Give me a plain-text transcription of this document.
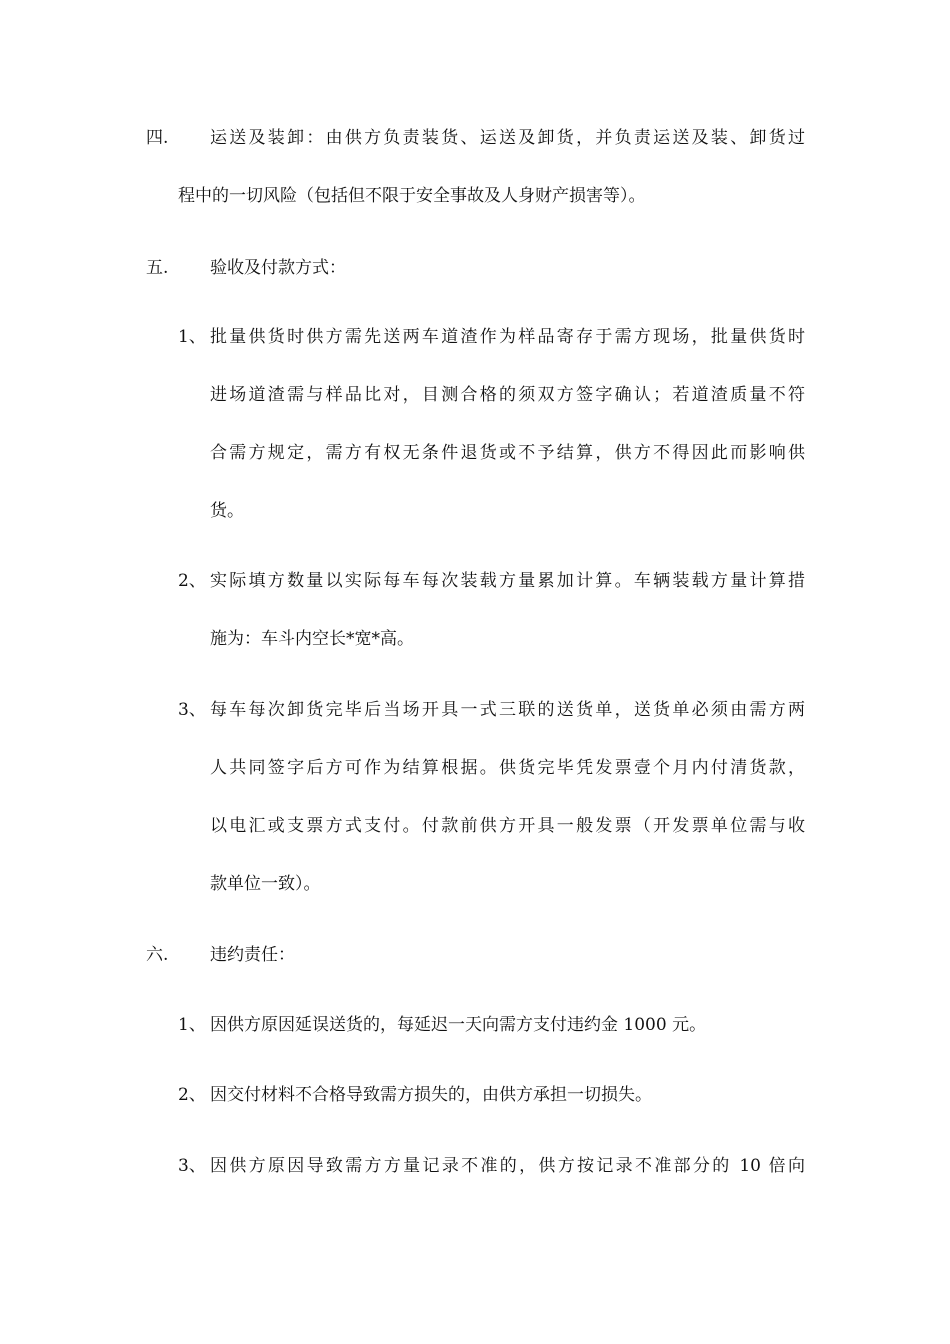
四. 运送及装卸：由供方负责装货、运送及卸货，并负责运送及装、卸货过
程中的一切风险（包括但不限于安全事故及人身财产损害等）。
五. 验收及付款方式：
1、 批量供货时供方需先送两车道渣作为样品寄存于需方现场，批量供货时
进场道渣需与样品比对，目测合格的须双方签字确认；若道渣质量不符
合需方规定，需方有权无条件退货或不予结算，供方不得因此而影响供
货。
2、 实际填方数量以实际每车每次装载方量累加计算。车辆装载方量计算措
施为：车斗内空长*宽*高。
3、 每车每次卸货完毕后当场开具一式三联的送货单，送货单必须由需方两
人共同签字后方可作为结算根据。供货完毕凭发票壹个月内付清货款，
以电汇或支票方式支付。付款前供方开具一般发票（开发票单位需与收
款单位一致）。
六. 违约责任：
1、 因供方原因延误送货的，每延迟一天向需方支付违约金 1000 元。
2、 因交付材料不合格导致需方损失的，由供方承担一切损失。
3、 因供方原因导致需方方量记录不准的，供方按记录不准部分的 10 倍向
